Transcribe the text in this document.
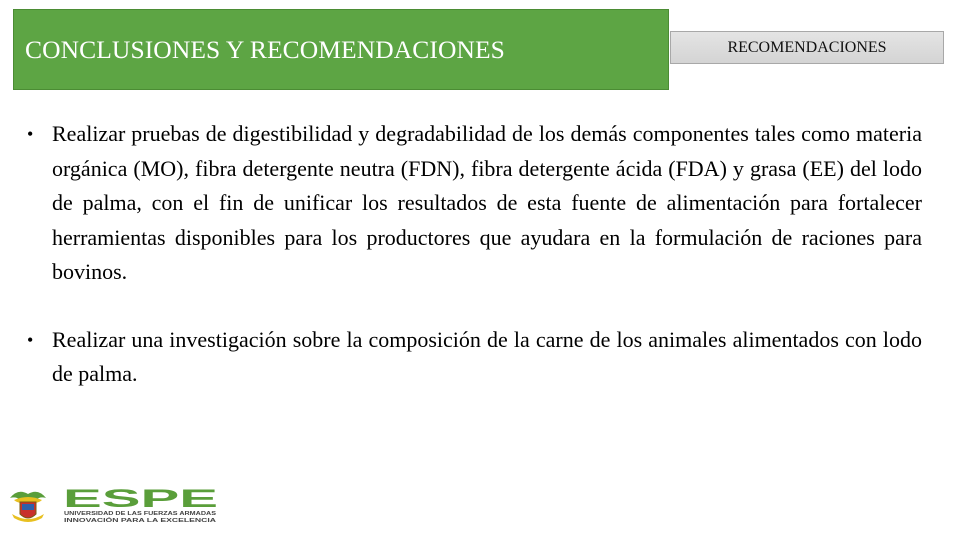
CONCLUSIONES Y RECOMENDACIONES	RECOMENDACIONES
• Realizar pruebas de digestibilidad y degradabilidad de los demás componentes tales como materia orgánica (MO), fibra detergente neutra (FDN), fibra detergente ácida (FDA) y grasa (EE) del lodo de palma, con el fin de unificar los resultados de esta fuente de alimentación para fortalecer herramientas disponibles para los productores que ayudara en la formulación de raciones para bovinos.
• Realizar una investigación sobre la composición de la carne de los animales alimentados con lodo de palma.
ESPE
UNIVERSIDAD DE LAS FUERZAS ARMADAS
INNOVACIÓN PARA LA EXCELENCIA
